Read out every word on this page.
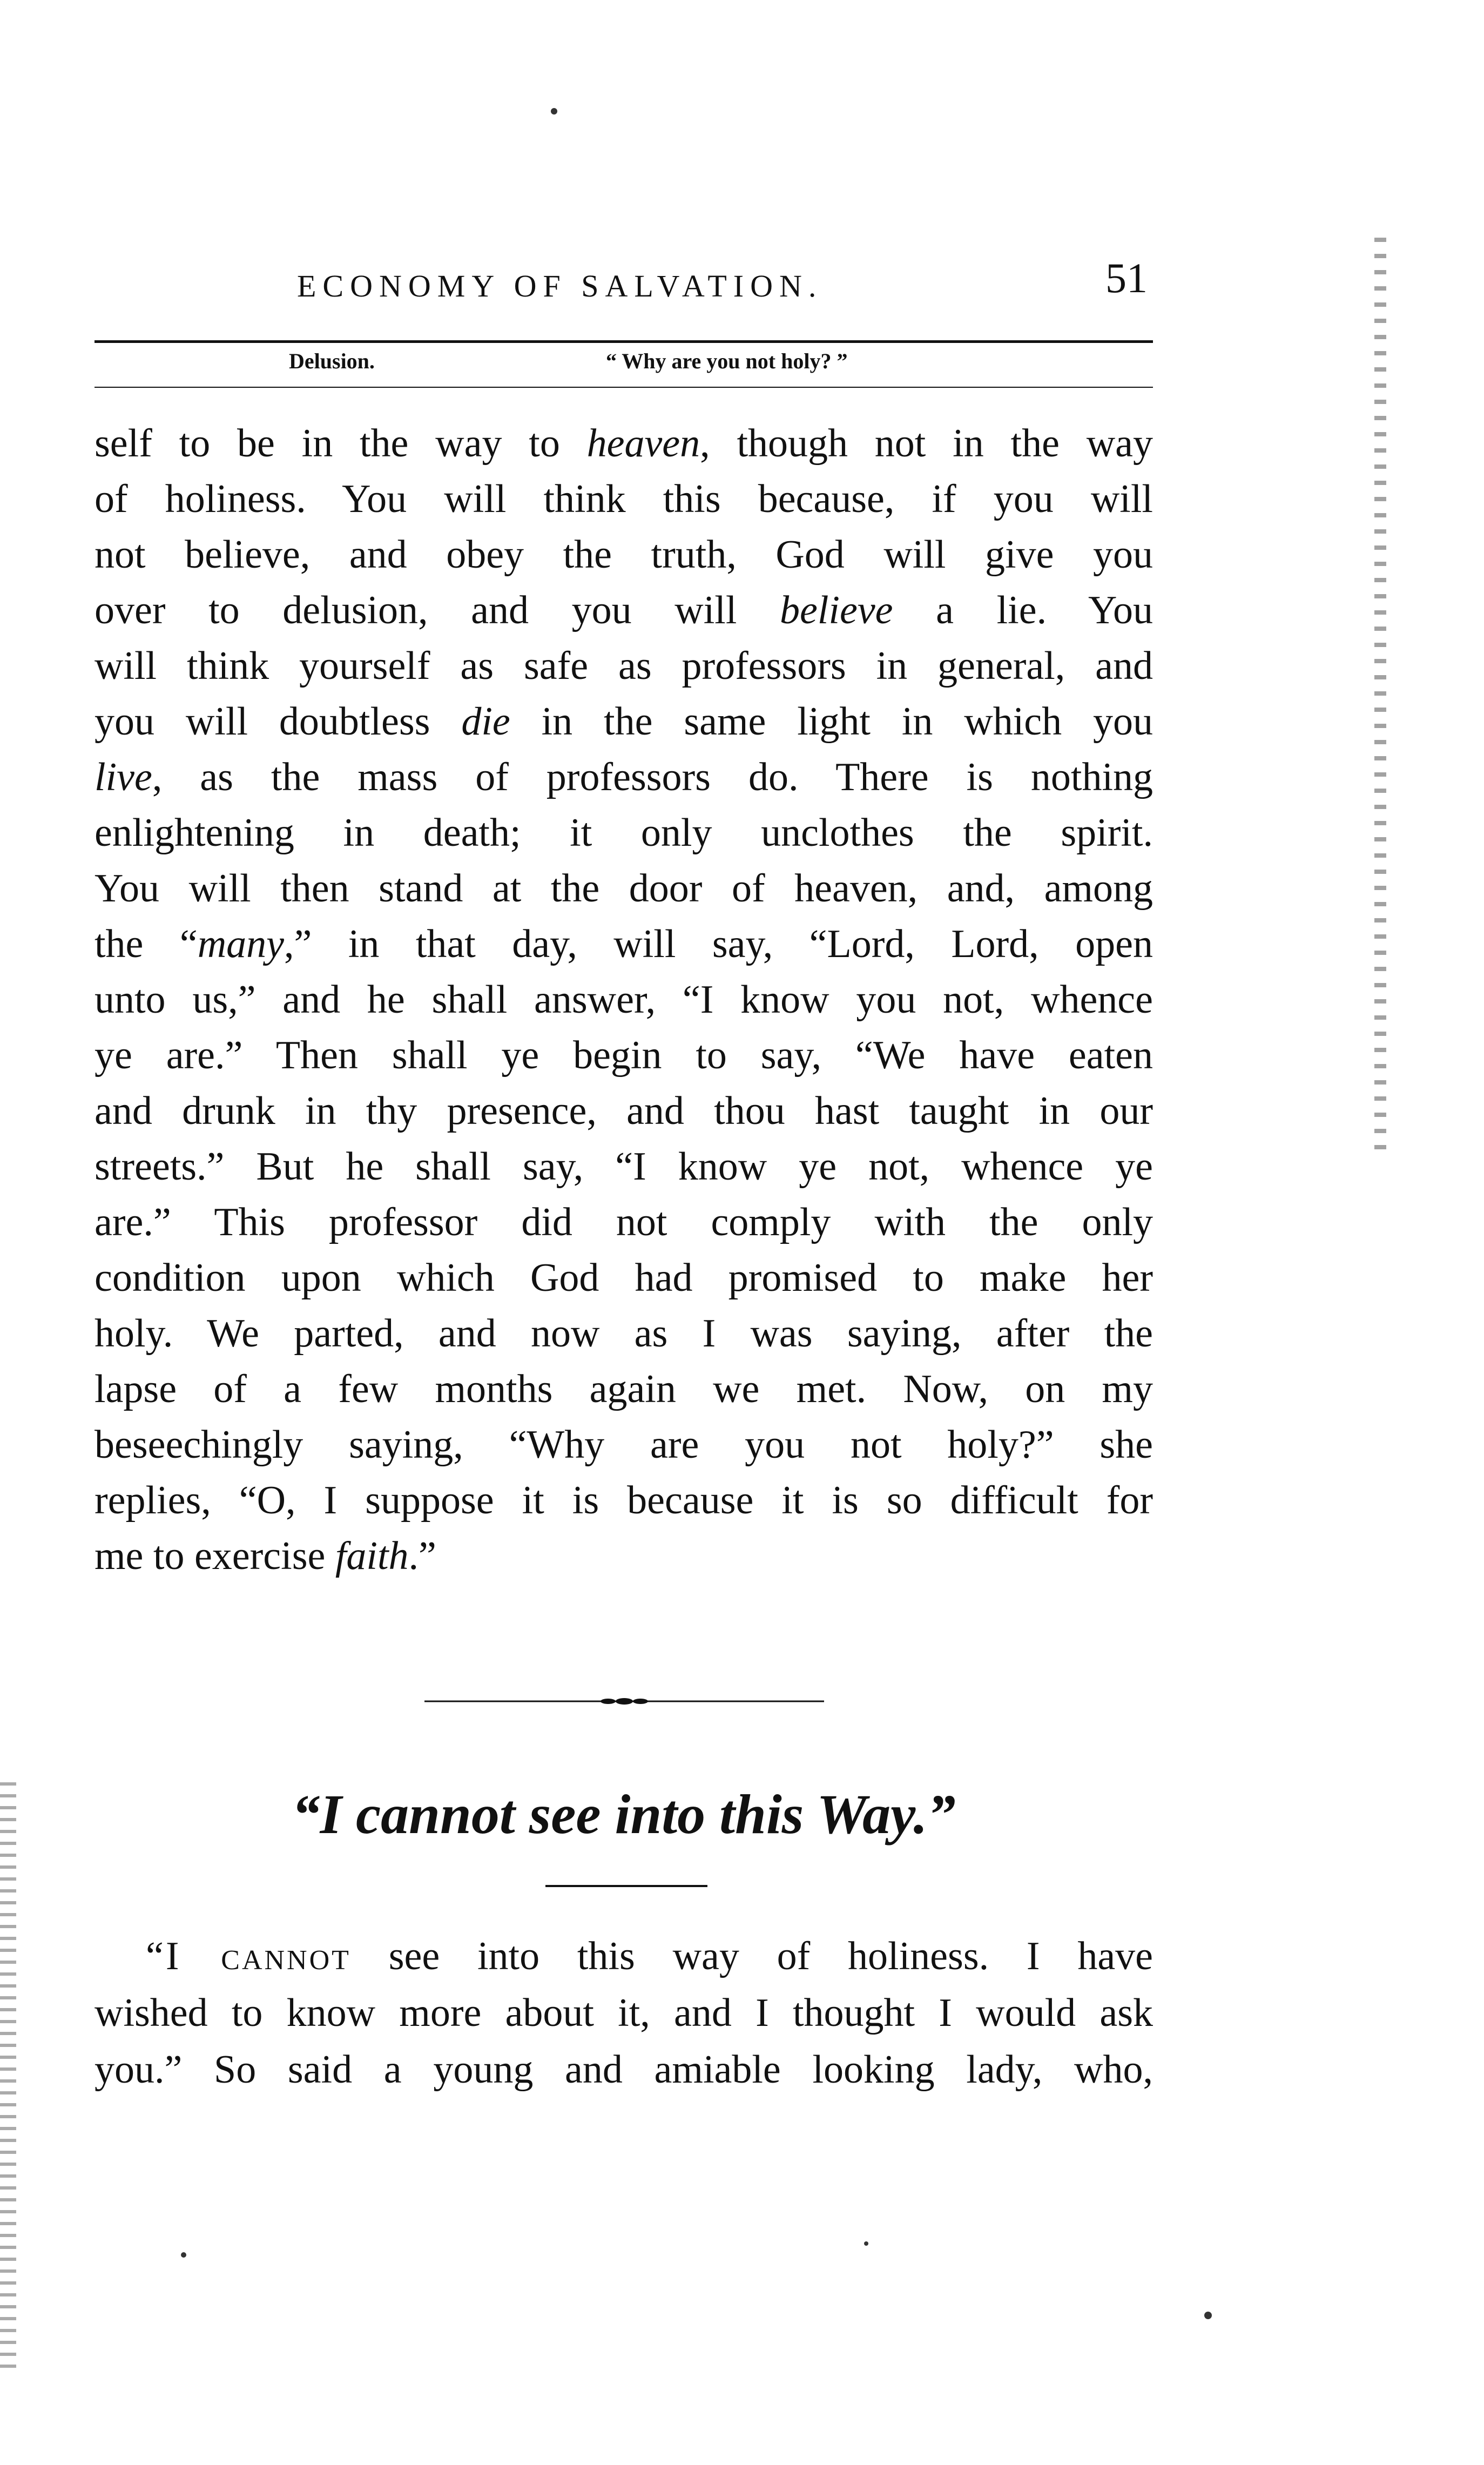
ECONOMY OF SALVATION.	51
Delusion.	“ Why are you not holy? ”
self to be in the way to heaven, though not in the way
of holiness. You will think this because, if you will
not believe, and obey the truth, God will give you
over to delusion, and you will believe a lie. You
will think yourself as safe as professors in general, and
you will doubtless die in the same light in which you
live, as the mass of professors do. There is nothing
enlightening in death; it only unclothes the spirit.
You will then stand at the door of heaven, and, among
the “many,” in that day, will say, “Lord, Lord, open
unto us,” and he shall answer, “I know you not, whence
ye are.” Then shall ye begin to say, “We have eaten
and drunk in thy presence, and thou hast taught in our
streets.” But he shall say, “I know ye not, whence ye
are.” This professor did not comply with the only
condition upon which God had promised to make her
holy. We parted, and now as I was saying, after the
lapse of a few months again we met. Now, on my
beseechingly saying, “Why are you not holy?” she
replies, “O, I suppose it is because it is so difficult for
me to exercise faith.”
“I cannot see into this Way.”
“I cannot see into this way of holiness. I have
wished to know more about it, and I thought I would ask
you.” So said a young and amiable looking lady, who,
